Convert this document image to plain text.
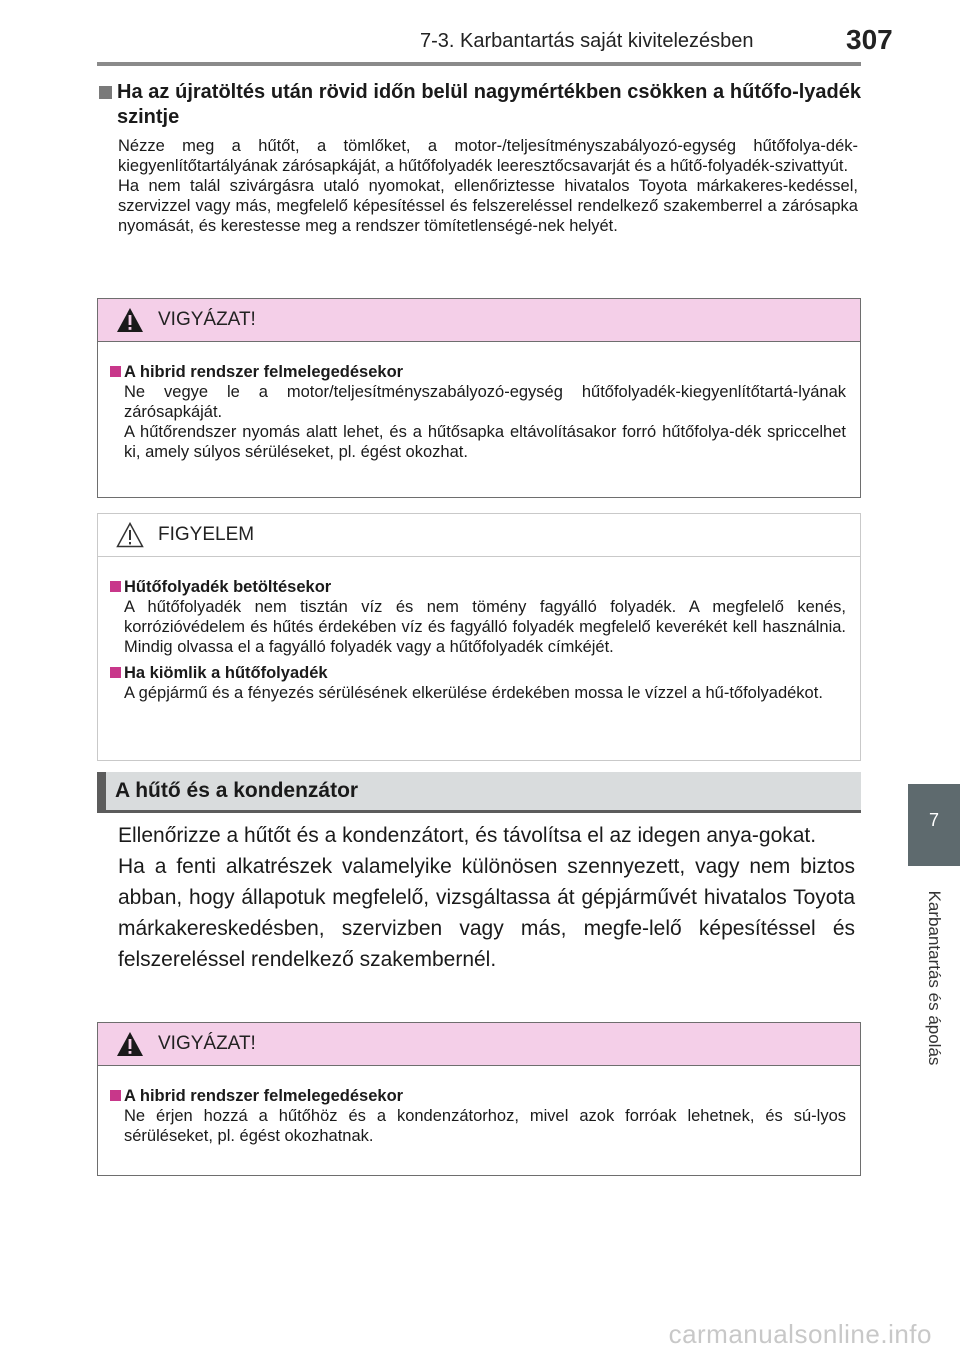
7-3. Karbantartás saját kivitelezésben	307
7
Karbantartás és ápolás
Ha az újratöltés után rövid időn belül nagymértékben csökken a hűtőfo-lyadék szintje

Nézze meg a hűtőt, a tömlőket, a motor-/teljesítményszabályozó-egység hűtőfolya-dék-kiegyenlítőtartályának zárósapkáját, a hűtőfolyadék leeresztőcsavarját és a hűtő-folyadék-szivattyút.

Ha nem talál szivárgásra utaló nyomokat, ellenőriztesse hivatalos Toyota márkakeres-kedéssel, szervizzel vagy más, megfelelő képesítéssel és felszereléssel rendelkező szakemberrel a zárósapka nyomását, és kerestesse meg a rendszer tömítetlenségé-nek helyét.

VIGYÁZAT!
A hibrid rendszer felmelegedésekor

Ne vegye le a motor/teljesítményszabályozó-egység hűtőfolyadék-kiegyenlítőtartá-lyának zárósapkáját.

A hűtőrendszer nyomás alatt lehet, és a hűtősapka eltávolításakor forró hűtőfolya-dék spriccelhet ki, amely súlyos sérüléseket, pl. égést okozhat.

FIGYELEM
Hűtőfolyadék betöltésekor

A hűtőfolyadék nem tisztán víz és nem tömény fagyálló folyadék. A megfelelő kenés, korrózióvédelem és hűtés érdekében víz és fagyálló folyadék megfelelő keverékét kell használnia. Mindig olvassa el a fagyálló folyadék vagy a hűtőfolyadék címkéjét.

Ha kiömlik a hűtőfolyadék

A gépjármű és a fényezés sérülésének elkerülése érdekében mossa le vízzel a hű-tőfolyadékot.

A hűtő és a kondenzátor

Ellenőrizze a hűtőt és a kondenzátort, és távolítsa el az idegen anya-gokat.

Ha a fenti alkatrészek valamelyike különösen szennyezett, vagy nem biztos abban, hogy állapotuk megfelelő, vizsgáltassa át gépjárművét hivatalos Toyota márkakereskedésben, szervizben vagy más, megfe-lelő képesítéssel és felszereléssel rendelkező szakembernél.

VIGYÁZAT!
A hibrid rendszer felmelegedésekor

Ne érjen hozzá a hűtőhöz és a kondenzátorhoz, mivel azok forróak lehetnek, és sú-lyos sérüléseket, pl. égést okozhatnak.

carmanualsonline.info
